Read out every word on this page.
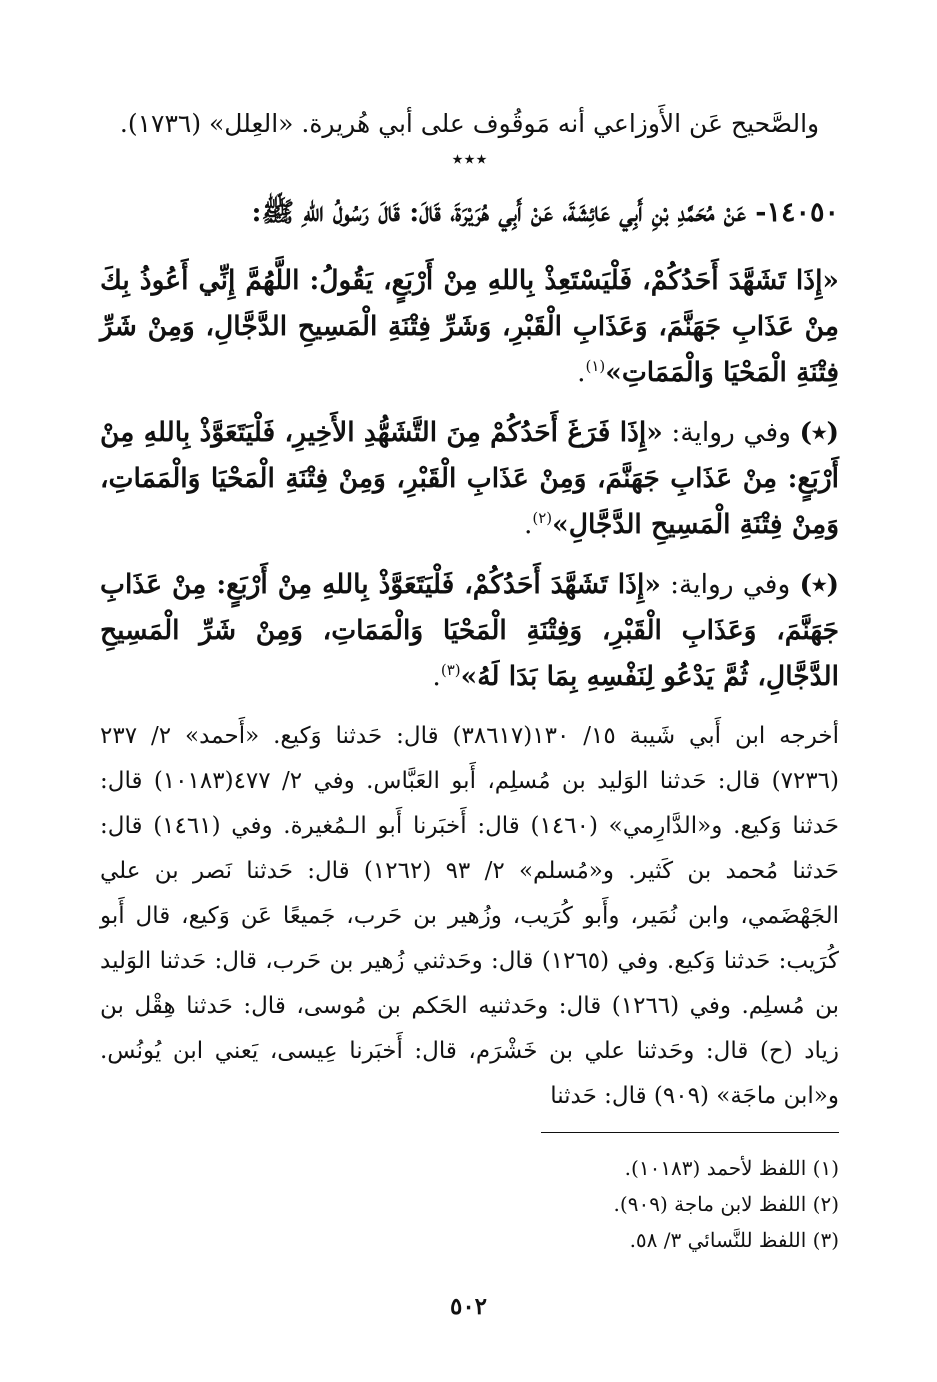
والصَّحيح عَن الأَوزاعي أنه مَوقُوف على أبي هُريرة. «العِلل» (١٧٣٦).

٭٭٭

١٤٠٥٠- عَنْ مُحَمَّدِ بْنِ أَبِي عَائِشَةَ، عَنْ أَبِي هُرَيْرَةَ، قَالَ: قَالَ رَسُولُ اللهِ ﷺ:

«إِذَا تَشَهَّدَ أَحَدُكُمْ، فَلْيَسْتَعِذْ بِاللهِ مِنْ أَرْبَعٍ، يَقُولُ: اللَّهُمَّ إِنِّي أَعُوذُ بِكَ مِنْ عَذَابِ جَهَنَّمَ، وَعَذَابِ الْقَبْرِ، وَشَرِّ فِتْنَةِ الْمَسِيحِ الدَّجَّالِ، وَمِنْ شَرِّ فِتْنَةِ الْمَحْيَا وَالْمَمَاتِ»$^{(١)}$.

(٭) وفي رواية: «إِذَا فَرَغَ أَحَدُكُمْ مِنَ التَّشَهُّدِ الأَخِيرِ، فَلْيَتَعَوَّذْ بِاللهِ مِنْ أَرْبَعٍ: مِنْ عَذَابِ جَهَنَّمَ، وَمِنْ عَذَابِ الْقَبْرِ، وَمِنْ فِتْنَةِ الْمَحْيَا وَالْمَمَاتِ، وَمِنْ فِتْنَةِ الْمَسِيحِ الدَّجَّالِ»$^{(٢)}$.

(٭) وفي رواية: «إِذَا تَشَهَّدَ أَحَدُكُمْ، فَلْيَتَعَوَّذْ بِاللهِ مِنْ أَرْبَعٍ: مِنْ عَذَابِ جَهَنَّمَ، وَعَذَابِ الْقَبْرِ، وَفِتْنَةِ الْمَحْيَا وَالْمَمَاتِ، وَمِنْ شَرِّ الْمَسِيحِ الدَّجَّالِ، ثُمَّ يَدْعُو لِنَفْسِهِ بِمَا بَدَا لَهُ»$^{(٣)}$.

أخرجه ابن أَبي شَيبة ١٥/ ١٣٠(٣٨٦١٧) قال: حَدثنا وَكيع. «أَحمد» ٢/ ٢٣٧ (٧٢٣٦) قال: حَدثنا الوَليد بن مُسلِم، أَبو العَبَّاس. وفي ٢/ ٤٧٧(١٠١٨٣) قال: حَدثنا وَكيع. و«الدَّارِمي» (١٤٦٠) قال: أَخبَرنا أَبو الـمُغيرة. وفي (١٤٦١) قال: حَدثنا مُحمد بن كَثير. و«مُسلم» ٢/ ٩٣ (١٢٦٢) قال: حَدثنا نَصر بن علي الجَهْضَمي، وابن نُمَير، وأَبو كُرَيب، وزُهير بن حَرب، جَميعًا عَن وَكيع، قال أَبو كُرَيب: حَدثنا وَكيع. وفي (١٢٦٥) قال: وحَدثني زُهير بن حَرب، قال: حَدثنا الوَليد بن مُسلِم. وفي (١٢٦٦) قال: وحَدثنيه الحَكم بن مُوسى، قال: حَدثنا هِقْل بن زياد (ح) قال: وحَدثنا علي بن خَشْرَم، قال: أَخبَرنا عِيسى، يَعني ابن يُونُس. و«ابن ماجَة» (٩٠٩) قال: حَدثنا

(١) اللفظ لأحمد (١٠١٨٣).
(٢) اللفظ لابن ماجة (٩٠٩).
(٣) اللفظ للنَّسائي ٣/ ٥٨.
٥٠٢
